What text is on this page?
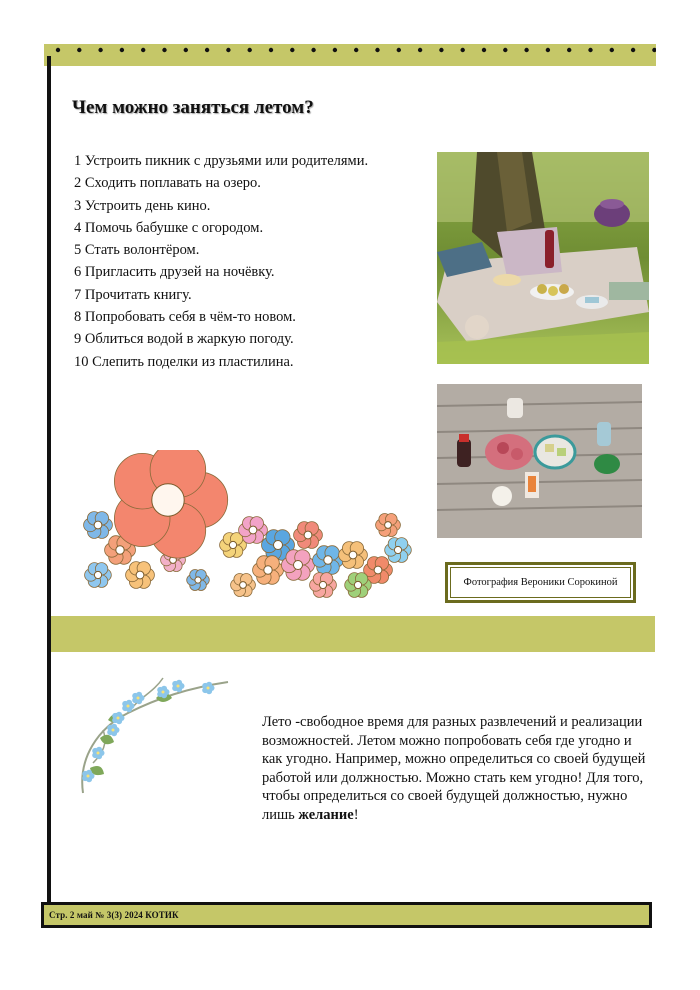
Чем можно заняться летом?
1 Устроить пикник с друзьями или родителями.
2 Сходить поплавать на озеро.
3 Устроить день кино.
4 Помочь бабушке с огородом.
5 Стать волонтёром.
6 Пригласить друзей на ночёвку.
7 Прочитать книгу.
8 Попробовать себя в чём-то новом.
9 Облиться водой в жаркую погоду.
10 Слепить поделки из пластилина.
Фотография Вероники Сорокиной

Лето -свободное время для разных развлечений и реализации возможностей. Летом можно попробовать себя где угодно и как угодно. Например, можно определиться со своей будущей работой или должностью. Можно стать кем угодно! Для того, чтобы определиться со своей будущей должностью, нужно лишь желание!

Стр. 2 май № 3(3) 2024 КОТИК
